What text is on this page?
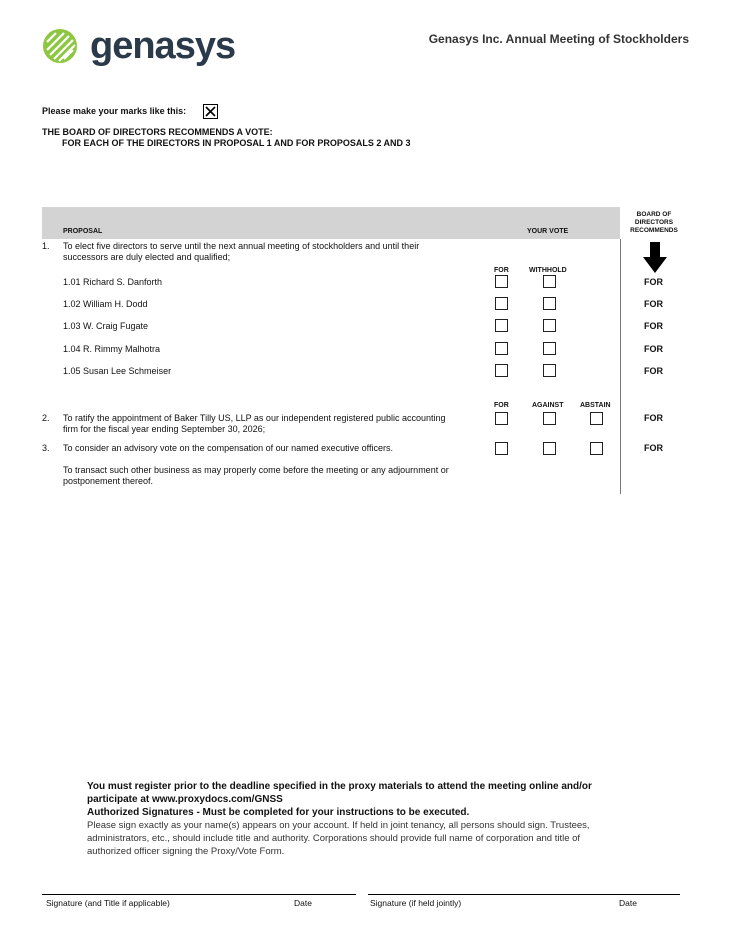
genasys	Genasys Inc. Annual Meeting of Stockholders
Please make your marks like this:
THE BOARD OF DIRECTORS RECOMMENDS A VOTE:
FOR EACH OF THE DIRECTORS IN PROPOSAL 1 AND FOR PROPOSALS 2 AND 3
PROPOSAL	YOUR VOTE
BOARD OF
DIRECTORS
RECOMMENDS
1. To elect five directors to serve until the next annual meeting of stockholders and until their
successors are duly elected and qualified;
FOR	WITHHOLD
1.01 Richard S. Danforth	FOR
1.02 William H. Dodd	FOR
1.03 W. Craig Fugate	FOR
1.04 R. Rimmy Malhotra	FOR
1.05 Susan Lee Schmeiser	FOR
FOR	AGAINST ABSTAIN
2. To ratify the appointment of Baker Tilly US, LLP as our independent registered public accounting
firm for the fiscal year ending September 30, 2026;
FOR
3. To consider an advisory vote on the compensation of our named executive officers.	FOR
To transact such other business as may properly come before the meeting or any adjournment or
postponement thereof.
You must register prior to the deadline specified in the proxy materials to attend the meeting online and/or
participate at www.proxydocs.com/GNSS
Authorized Signatures - Must be completed for your instructions to be executed.
Please sign exactly as your name(s) appears on your account. If held in joint tenancy, all persons should sign. Trustees,
administrators, etc., should include title and authority. Corporations should provide full name of corporation and title of
authorized officer signing the Proxy/Vote Form.
Signature (and Title if applicable)	Date	Signature (if held jointly)	Date
